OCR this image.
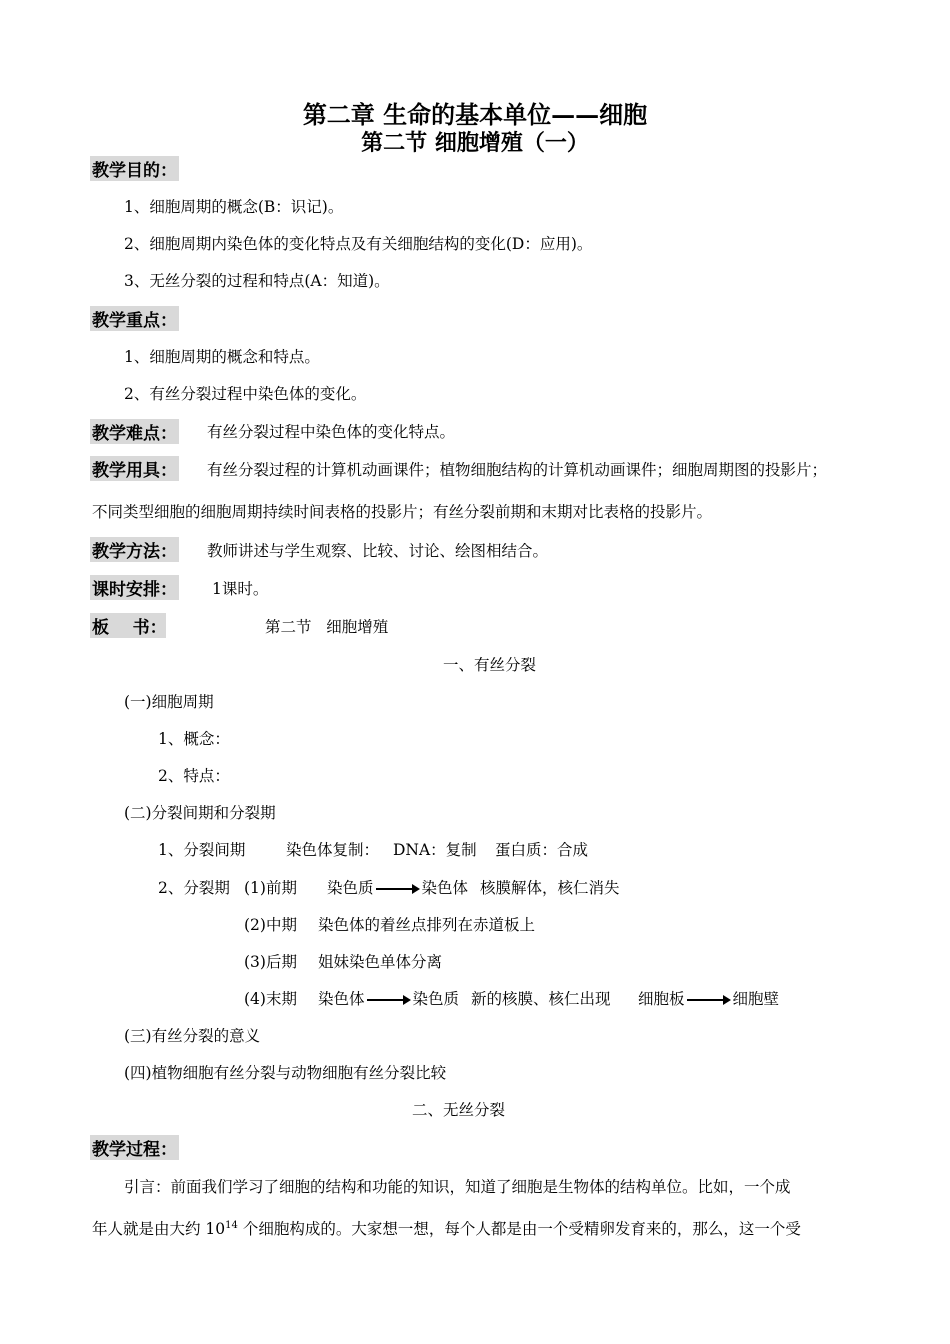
第二章 生命的基本单位——细胞
第二节 细胞增殖（一）
教学目的：
1、细胞周期的概念(B：识记)。
2、细胞周期内染色体的变化特点及有关细胞结构的变化(D：应用)。
3、无丝分裂的过程和特点(A：知道)。
教学重点：
1、细胞周期的概念和特点。
2、有丝分裂过程中染色体的变化。
教学难点： 有丝分裂过程中染色体的变化特点。
教学用具： 有丝分裂过程的计算机动画课件；植物细胞结构的计算机动画课件；细胞周期图的投影片；
不同类型细胞的细胞周期持续时间表格的投影片；有丝分裂前期和末期对比表格的投影片。
教学方法： 教师讲述与学生观察、比较、讨论、绘图相结合。
课时安排： 1课时。
板    书：	第二节   细胞增殖
一、有丝分裂
(一)细胞周期
1、概念：
2、特点：
(二)分裂间期和分裂期
1、分裂间期	染色体复制： DNA：复制 蛋白质：合成
2、分裂期 (1)前期 染色质	染色体 核膜解体，核仁消失
(2)中期 染色体的着丝点排列在赤道板上
(3)后期 姐妹染色单体分离
(4)末期 染色体	染色质 新的核膜、核仁出现 细胞板	细胞壁
(三)有丝分裂的意义
(四)植物细胞有丝分裂与动物细胞有丝分裂比较
二、无丝分裂
教学过程：
引言：前面我们学习了细胞的结构和功能的知识，知道了细胞是生物体的结构单位。比如，一个成
年人就是由大约 $10^{14}$ 个细胞构成的。大家想一想，每个人都是由一个受精卵发育来的，那么，这一个受
